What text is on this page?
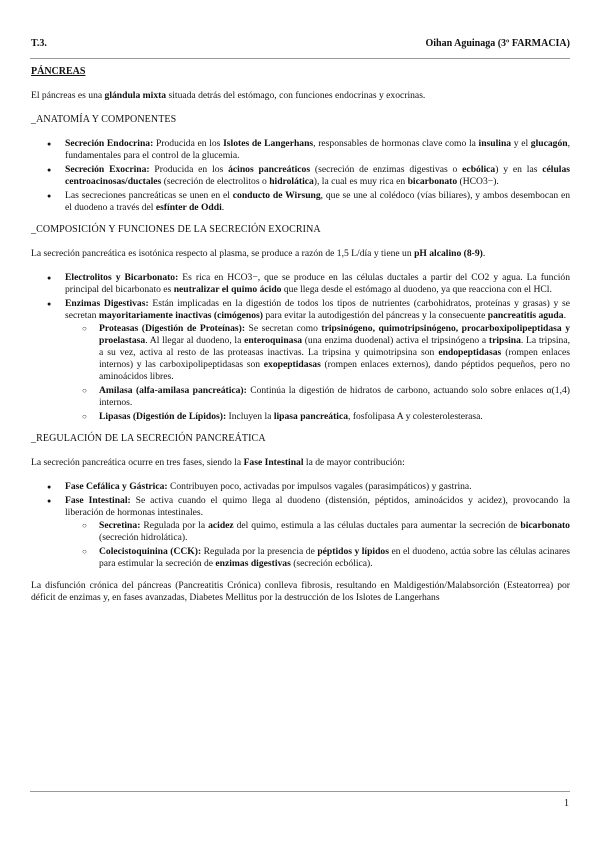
T.3.	Oihan Aguinaga (3º FARMACIA)
PÁNCREAS

El páncreas es una glándula mixta situada detrás del estómago, con funciones endocrinas y exocrinas.

_ANATOMÍA Y COMPONENTES
● Secreción Endocrina: Producida en los Islotes de Langerhans, responsables de hormonas clave como la insulina y el glucagón, fundamentales para el control de la glucemia.
● Secreción Exocrina: Producida en los ácinos pancreáticos (secreción de enzimas digestivas o ecbólica) y en las células centroacinosas/ductales (secreción de electrolitos o hidrolática), la cual es muy rica en bicarbonato (HCO3−).
● Las secreciones pancreáticas se unen en el conducto de Wirsung, que se une al colédoco (vías biliares), y ambos desembocan en el duodeno a través del esfínter de Oddi.
_COMPOSICIÓN Y FUNCIONES DE LA SECRECIÓN EXOCRINA

La secreción pancreática es isotónica respecto al plasma, se produce a razón de 1,5 L/día y tiene un pH alcalino (8-9).

● Electrolitos y Bicarbonato: Es rica en HCO3−, que se produce en las células ductales a partir del CO2 y agua. La función principal del bicarbonato es neutralizar el quimo ácido que llega desde el estómago al duodeno, ya que reacciona con el HCl.
● Enzimas Digestivas: Están implicadas en la digestión de todos los tipos de nutrientes (carbohidratos, proteínas y grasas) y se secretan mayoritariamente inactivas (cimógenos) para evitar la autodigestión del páncreas y la consecuente pancreatitis aguda.
○ Proteasas (Digestión de Proteínas): Se secretan como tripsinógeno, quimotripsinógeno, procarboxipolipeptidasa y proelastasa. Al llegar al duodeno, la enteroquinasa (una enzima duodenal) activa el tripsinógeno a tripsina. La tripsina, a su vez, activa al resto de las proteasas inactivas. La tripsina y quimotripsina son endopeptidasas (rompen enlaces internos) y las carboxipolipeptidasas son exopeptidasas (rompen enlaces externos), dando péptidos pequeños, pero no aminoácidos libres.
○ Amilasa (alfa-amilasa pancreática): Continúa la digestión de hidratos de carbono, actuando solo sobre enlaces α(1,4) internos.
○ Lipasas (Digestión de Lípidos): Incluyen la lipasa pancreática, fosfolipasa A y colesterolesterasa.
_REGULACIÓN DE LA SECRECIÓN PANCREÁTICA

La secreción pancreática ocurre en tres fases, siendo la Fase Intestinal la de mayor contribución:

● Fase Cefálica y Gástrica: Contribuyen poco, activadas por impulsos vagales (parasimpáticos) y gastrina.
● Fase Intestinal: Se activa cuando el quimo llega al duodeno (distensión, péptidos, aminoácidos y acidez), provocando la liberación de hormonas intestinales.
○ Secretina: Regulada por la acidez del quimo, estimula a las células ductales para aumentar la secreción de bicarbonato (secreción hidrolática).
○ Colecistoquinina (CCK): Regulada por la presencia de péptidos y lípidos en el duodeno, actúa sobre las células acinares para estimular la secreción de enzimas digestivas (secreción ecbólica).

La disfunción crónica del páncreas (Pancreatitis Crónica) conlleva fibrosis, resultando en Maldigestión/Malabsorción (Esteatorrea) por déficit de enzimas y, en fases avanzadas, Diabetes Mellitus por la destrucción de los Islotes de Langerhans

1
